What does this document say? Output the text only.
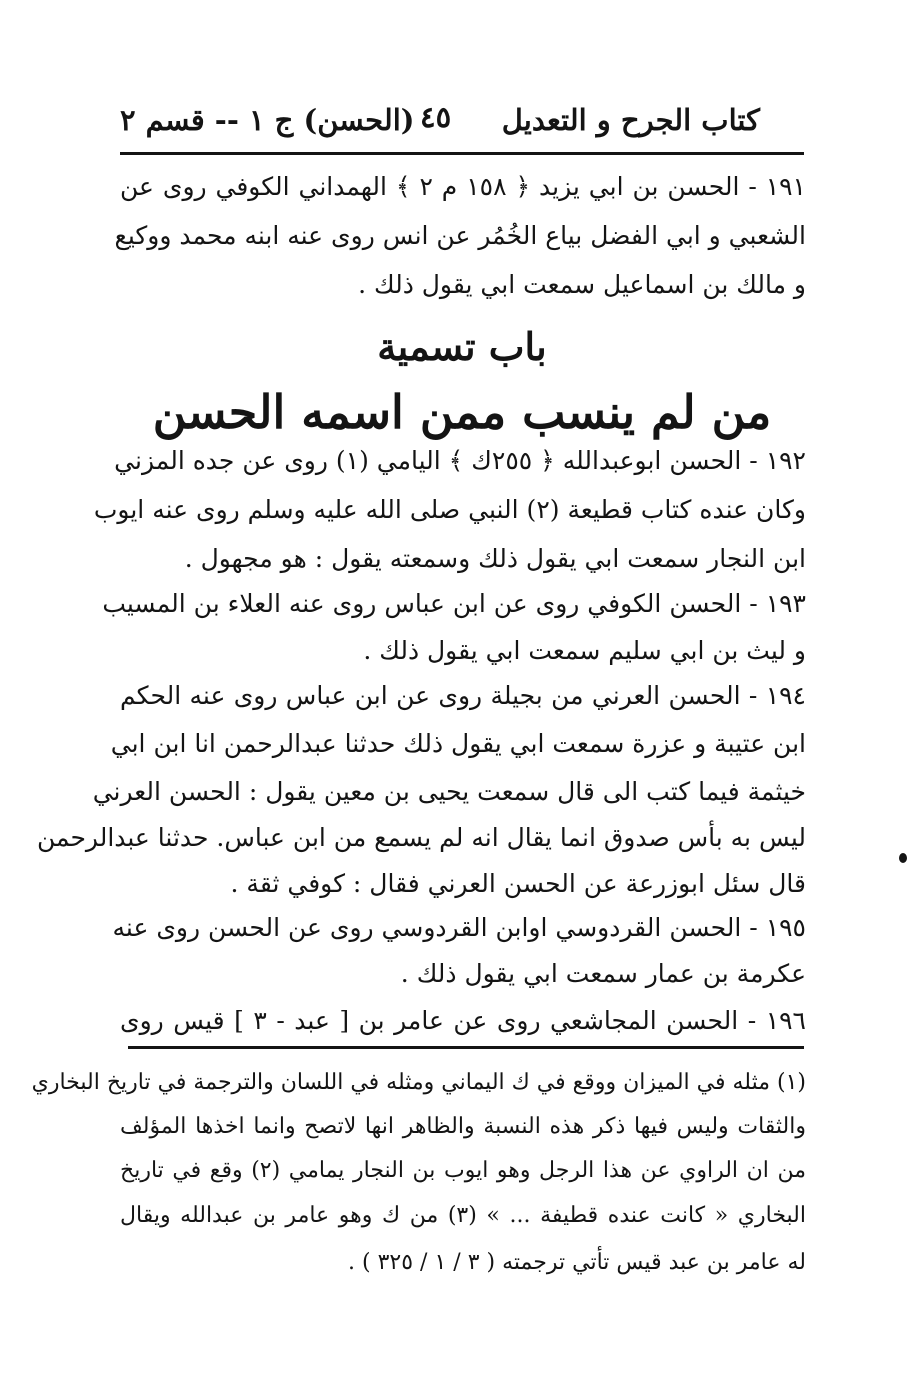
كتاب الجرح و التعديل
٤٥
(الحسن) ج ١ -- قسم ٢
١٩١ - الحسن بن ابي يزيد ﴿ ١٥٨ م ٢ ﴾ الهمداني الكوفي روى عن
الشعبي و ابي الفضل بياع الخُمُر عن انس روى عنه ابنه محمد ووكيع
و مالك بن اسماعيل سمعت ابي يقول ذلك .
باب تسمية
من لم ينسب ممن اسمه الحسن
١٩٢ - الحسن ابوعبدالله ﴿ ٢٥٥ك ﴾ اليامي (١) روى عن جده المزني
وكان عنده كتاب قطيعة (٢) النبي صلى الله عليه وسلم روى عنه ايوب
ابن النجار سمعت ابي يقول ذلك وسمعته يقول : هو مجهول .
١٩٣ - الحسن الكوفي روى عن ابن عباس روى عنه العلاء بن المسيب
و ليث بن ابي سليم سمعت ابي يقول ذلك .
١٩٤ - الحسن العرني من بجيلة روى عن ابن عباس روى عنه الحكم
ابن عتيبة و عزرة سمعت ابي يقول ذلك حدثنا عبدالرحمن انا ابن ابي
خيثمة فيما كتب الى قال سمعت يحيى بن معين يقول : الحسن العرني
ليس به بأس صدوق انما يقال انه لم يسمع من ابن عباس. حدثنا عبدالرحمن
قال سئل ابوزرعة عن الحسن العرني فقال : كوفي ثقة .
١٩٥ - الحسن القردوسي اوابن القردوسي روى عن الحسن روى عنه
عكرمة بن عمار سمعت ابي يقول ذلك .
١٩٦ - الحسن المجاشعي روى عن عامر بن [ عبد - ٣ ] قيس روى
(١) مثله في الميزان ووقع في ك اليماني ومثله في اللسان والترجمة في تاريخ البخاري
والثقات وليس فيها ذكر هذه النسبة والظاهر انها لاتصح وانما اخذها المؤلف
من ان الراوي عن هذا الرجل وهو ايوب بن النجار يمامي (٢) وقع في تاريخ
البخاري « كانت عنده قطيفة ... » (٣) من ك وهو عامر بن عبدالله ويقال
له عامر بن عبد قيس تأتي ترجمته ( ٣ / ١ / ٣٢٥ ) .
